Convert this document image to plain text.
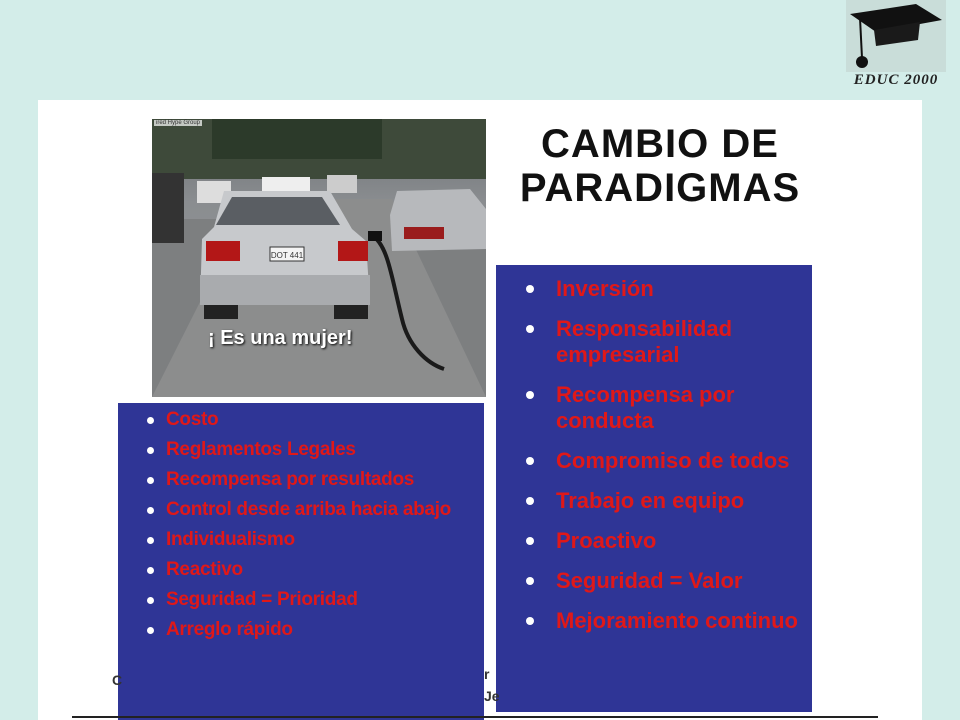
EDUC 2000
DOT 441
ired Hype Group
¡ Es una mujer!
CAMBIO DE
PARADIGMAS
Costo
Reglamentos Legales
Recompensa por resultados
Control desde arriba hacia abajo
Individualismo
Reactivo
Seguridad = Prioridad
Arreglo rápido
Inversión
Responsabilidad empresarial
Recompensa por conducta
Compromiso de todos
Trabajo en equipo
Proactivo
Seguridad = Valor
Mejoramiento continuo
C	r
Je
